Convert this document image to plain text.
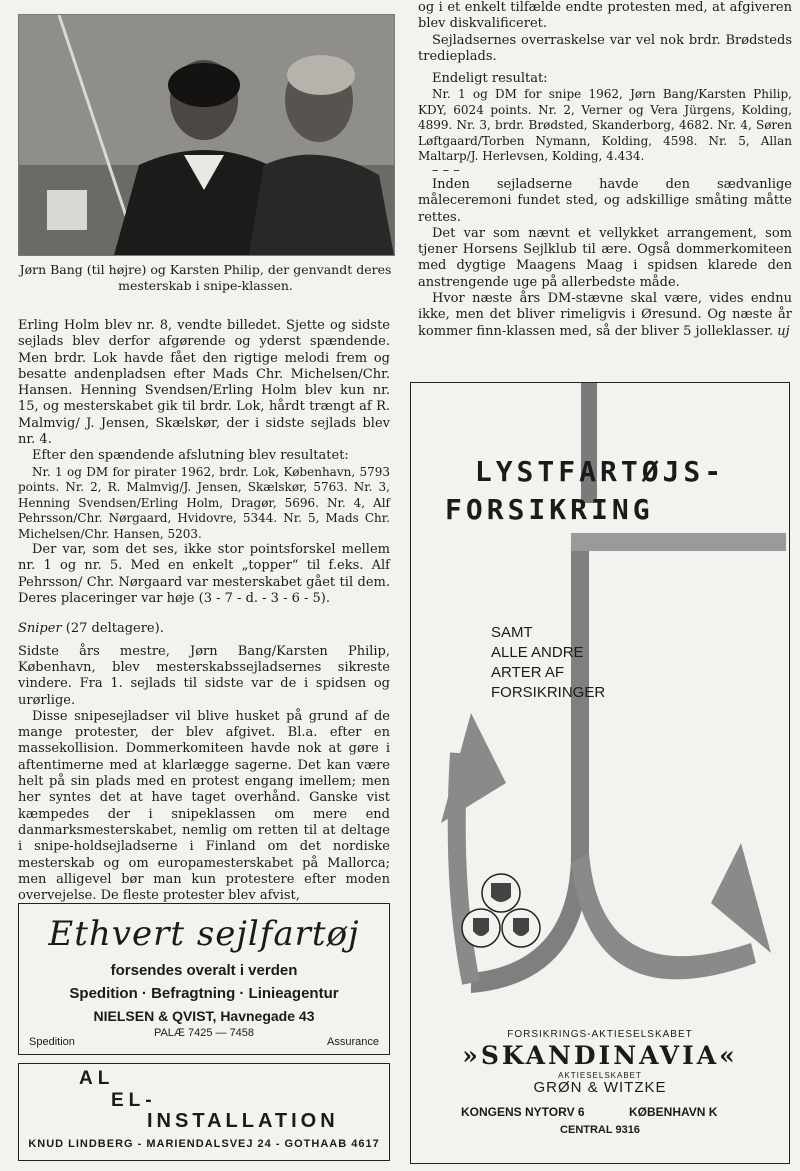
Jørn Bang (til højre) og Karsten Philip, der genvandt deres mesterskab i snipe-klassen.

Erling Holm blev nr. 8, vendte billedet. Sjette og sidste sejlads blev derfor afgørende og yderst spændende. Men brdr. Lok havde fået den rigtige melodi frem og besatte andenpladsen efter Mads Chr. Michelsen/Chr. Hansen. Henning Svendsen/Erling Holm blev kun nr. 15, og mesterskabet gik til brdr. Lok, hårdt trængt af R. Malmvig/ J. Jensen, Skælskør, der i sidste sejlads blev nr. 4.

Efter den spændende afslutning blev resultatet:

Nr. 1 og DM for pirater 1962, brdr. Lok, København, 5793 points. Nr. 2, R. Malmvig/J. Jensen, Skælskør, 5763. Nr. 3, Henning Svendsen/Erling Holm, Dragør, 5696. Nr. 4, Alf Pehrsson/Chr. Nørgaard, Hvidovre, 5344. Nr. 5, Mads Chr. Michelsen/Chr. Hansen, 5203.

Der var, som det ses, ikke stor pointsforskel mellem nr. 1 og nr. 5. Med en enkelt „topper“ til f.eks. Alf Pehrsson/ Chr. Nørgaard var mesterskabet gået til dem. Deres placeringer var høje (3 - 7 - d. - 3 - 6 - 5).

Sniper (27 deltagere).

Sidste års mestre, Jørn Bang/Karsten Philip, København, blev mesterskabssejladsernes sikreste vindere. Fra 1. sejlads til sidste var de i spidsen og urørlige.

Disse snipesejladser vil blive husket på grund af de mange protester, der blev afgivet. Bl.a. efter en massekollision. Dommerkomiteen havde nok at gøre i aftentimerne med at klarlægge sagerne. Det kan være helt på sin plads med en protest engang imellem; men her syntes det at have taget overhånd. Ganske vist kæmpedes der i snipeklassen om mere end danmarksmesterskabet, nemlig om retten til at deltage i snipe-holdsejladserne i Finland om det nordiske mesterskab og om europamesterskabet på Mallorca; men alligevel bør man kun protestere efter moden overvejelse. De fleste protester blev afvist,

og i et enkelt tilfælde endte protesten med, at afgiveren blev diskvalificeret.

Sejladsernes overraskelse var vel nok brdr. Brødsteds tredieplads.

Endeligt resultat:

Nr. 1 og DM for snipe 1962, Jørn Bang/Karsten Philip, KDY, 6024 points. Nr. 2, Verner og Vera Jürgens, Kolding, 4899. Nr. 3, brdr. Brødsted, Skanderborg, 4682. Nr. 4, Søren Løftgaard/Torben Nymann, Kolding, 4598. Nr. 5, Allan Maltarp/J. Herlevsen, Kolding, 4.434.

– – –

Inden sejladserne havde den sædvanlige måleceremoni fundet sted, og adskillige småting måtte rettes.

Det var som nævnt et vellykket arrangement, som tjener Horsens Sejlklub til ære. Også dommerkomiteen med dygtige Maagens Maag i spidsen klarede den anstrengende uge på allerbedste måde.

Hvor næste års DM-stævne skal være, vides endnu ikke, men det bliver rimeligvis i Øresund. Og næste år kommer finn-klassen med, så der bliver 5 jolleklasser. uj

Ethvert sejlfartøj
forsendes overalt i verden
Spedition · Befragtning · Linieagentur
NIELSEN & QVIST, Havnegade 43
PALÆ 7425 — 7458
Spedition	Assurance
AL
EL-
INSTALLATION
KNUD LINDBERG - MARIENDALSVEJ 24 - GOTHAAB 4617
LYSTFARTØJS-
FORSIKRING
SAMT
ALLE ANDRE
ARTER AF
FORSIKRINGER
FORSIKRINGS-AKTIESELSKABET
»SKANDINAVIA«
AKTIESELSKABET
GRØN & WITZKE
KONGENS NYTORV 6	KØBENHAVN K
CENTRAL 9316
